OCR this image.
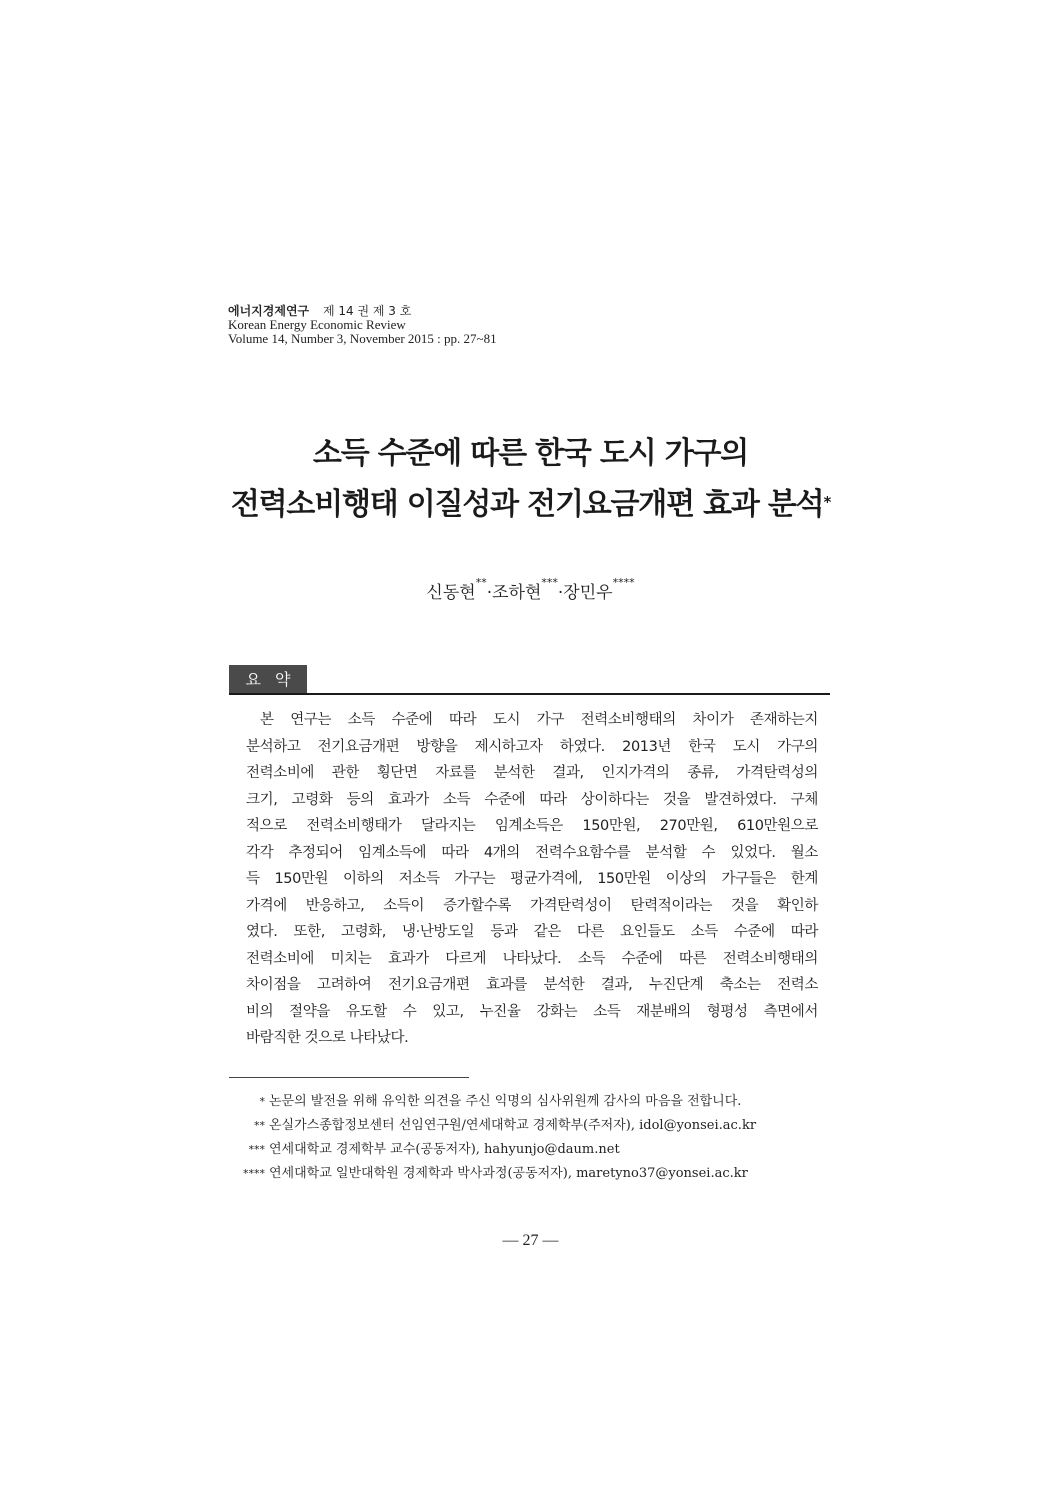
에너지경제연구 제 14 권 제 3 호
Korean Energy Economic Review
Volume 14, Number 3, November 2015 : pp. 27~81
소득 수준에 따른 한국 도시 가구의
전력소비행태 이질성과 전기요금개편 효과 분석*
신동현**·조하현***·장민우****
요약
본 연구는 소득 수준에 따라 도시 가구 전력소비행태의 차이가 존재하는지
분석하고 전기요금개편 방향을 제시하고자 하였다. 2013년 한국 도시 가구의
전력소비에 관한 횡단면 자료를 분석한 결과, 인지가격의 종류, 가격탄력성의
크기, 고령화 등의 효과가 소득 수준에 따라 상이하다는 것을 발견하였다. 구체
적으로 전력소비행태가 달라지는 임계소득은 150만원, 270만원, 610만원으로
각각 추정되어 임계소득에 따라 4개의 전력수요함수를 분석할 수 있었다. 월소
득 150만원 이하의 저소득 가구는 평균가격에, 150만원 이상의 가구들은 한계
가격에 반응하고, 소득이 증가할수록 가격탄력성이 탄력적이라는 것을 확인하
였다. 또한, 고령화, 냉·난방도일 등과 같은 다른 요인들도 소득 수준에 따라
전력소비에 미치는 효과가 다르게 나타났다. 소득 수준에 따른 전력소비행태의
차이점을 고려하여 전기요금개편 효과를 분석한 결과, 누진단계 축소는 전력소
비의 절약을 유도할 수 있고, 누진율 강화는 소득 재분배의 형평성 측면에서
바람직한 것으로 나타났다.
* 논문의 발전을 위해 유익한 의견을 주신 익명의 심사위원께 감사의 마음을 전합니다.
** 온실가스종합정보센터 선임연구원/연세대학교 경제학부(주저자), idol@yonsei.ac.kr
*** 연세대학교 경제학부 교수(공동저자), hahyunjo@daum.net
**** 연세대학교 일반대학원 경제학과 박사과정(공동저자), maretyno37@yonsei.ac.kr
— 27 —
